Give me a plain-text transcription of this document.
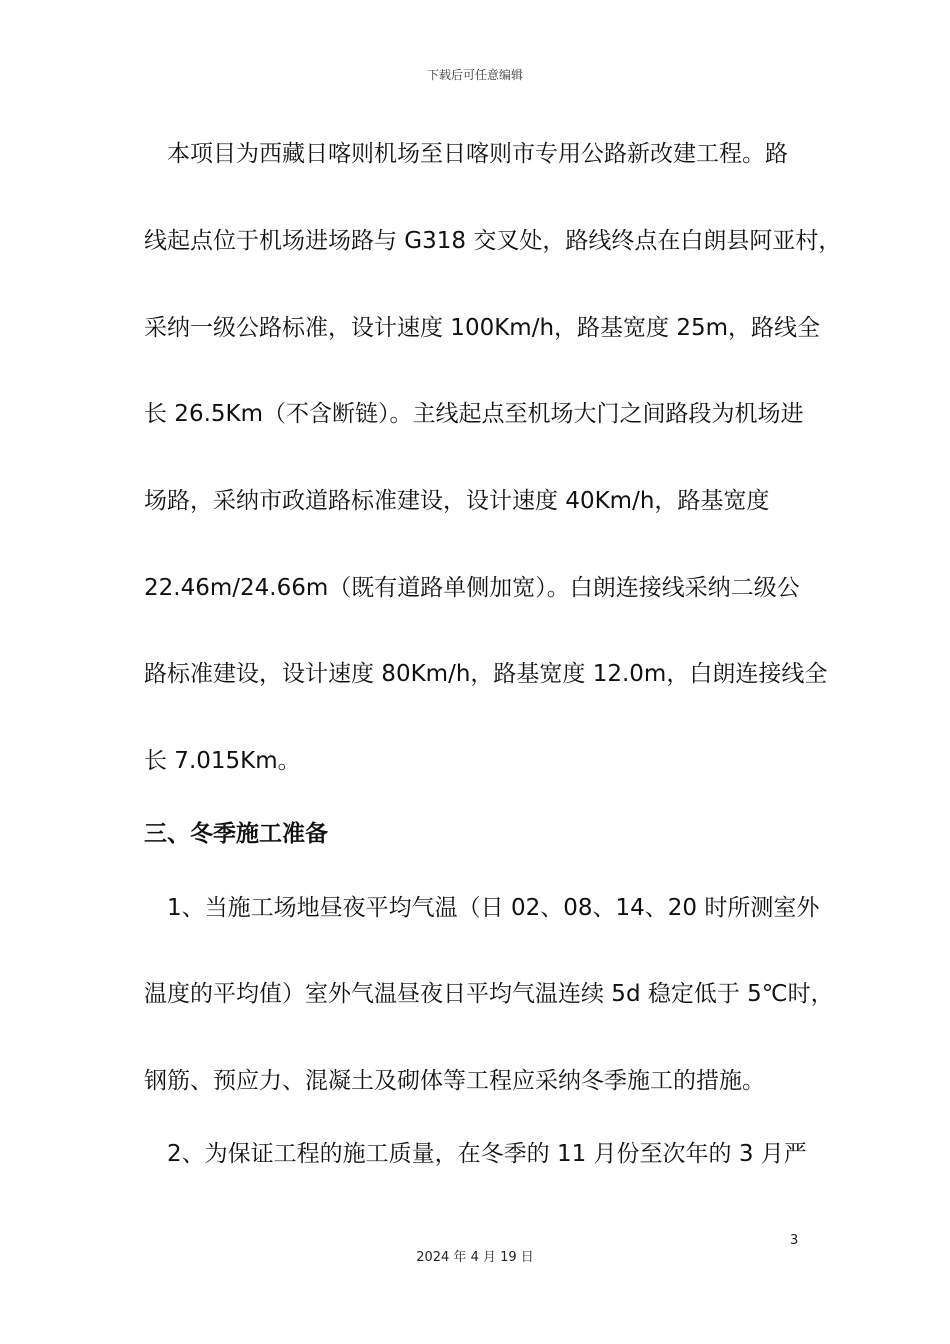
下载后可任意编辑
　本项目为西藏日喀则机场至日喀则市专用公路新改建工程。路
线起点位于机场进场路与 G318 交叉处，路线终点在白朗县阿亚村，
采纳一级公路标准，设计速度 100Km/h，路基宽度 25m，路线全
长 26.5Km（不含断链）。主线起点至机场大门之间路段为机场进
场路，采纳市政道路标准建设，设计速度 40Km/h，路基宽度
22.46m/24.66m（既有道路单侧加宽）。白朗连接线采纳二级公
路标准建设，设计速度 80Km/h，路基宽度 12.0m，白朗连接线全
长 7.015Km。
三、冬季施工准备
　1、当施工场地昼夜平均气温（日 02、08、14、20 时所测室外
温度的平均值）室外气温昼夜日平均气温连续 5d 稳定低于 5℃时，
钢筋、预应力、混凝土及砌体等工程应采纳冬季施工的措施。
　2、为保证工程的施工质量，在冬季的 11 月份至次年的 3 月严
3
2024 年 4 月 19 日
